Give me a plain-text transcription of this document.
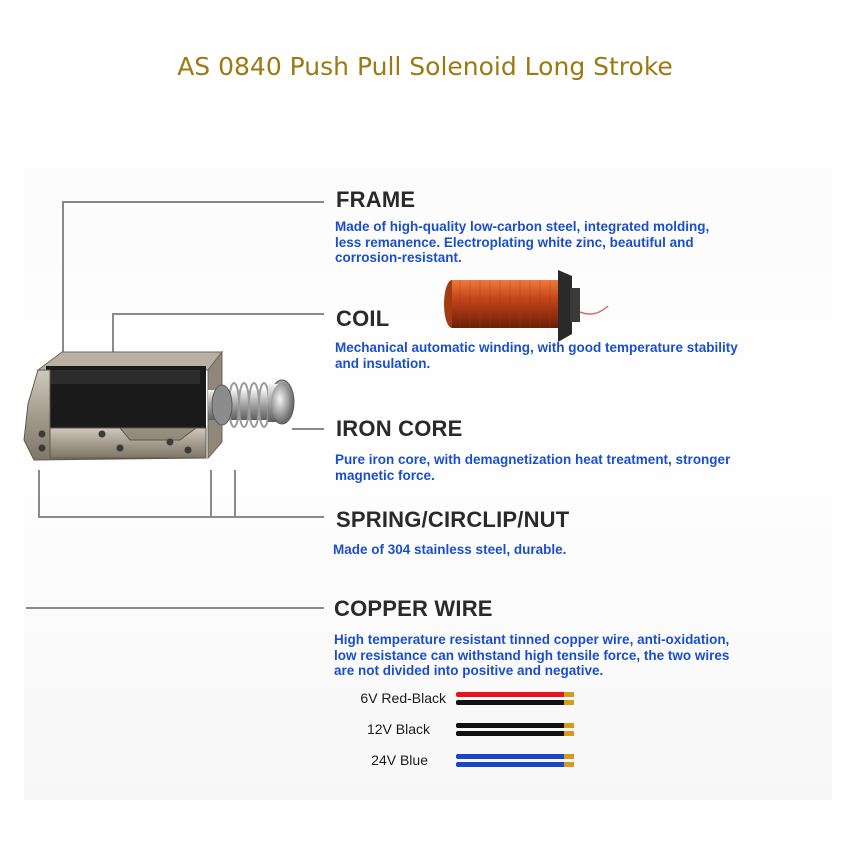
AS 0840 Push Pull Solenoid Long Stroke
FRAME
Made of high-quality low-carbon steel, integrated molding,
less remanence. Electroplating white zinc, beautiful and
corrosion-resistant.
COIL
Mechanical automatic winding, with good temperature stability
and insulation.
IRON CORE
Pure iron core, with demagnetization heat treatment, stronger
magnetic force.
SPRING/CIRCLIP/NUT
Made of 304 stainless steel, durable.
COPPER WIRE
High temperature resistant tinned copper wire, anti-oxidation,
low resistance can withstand high tensile force, the two wires
are not divided into positive and negative.
6V Red-Black
12V Black
24V Blue
